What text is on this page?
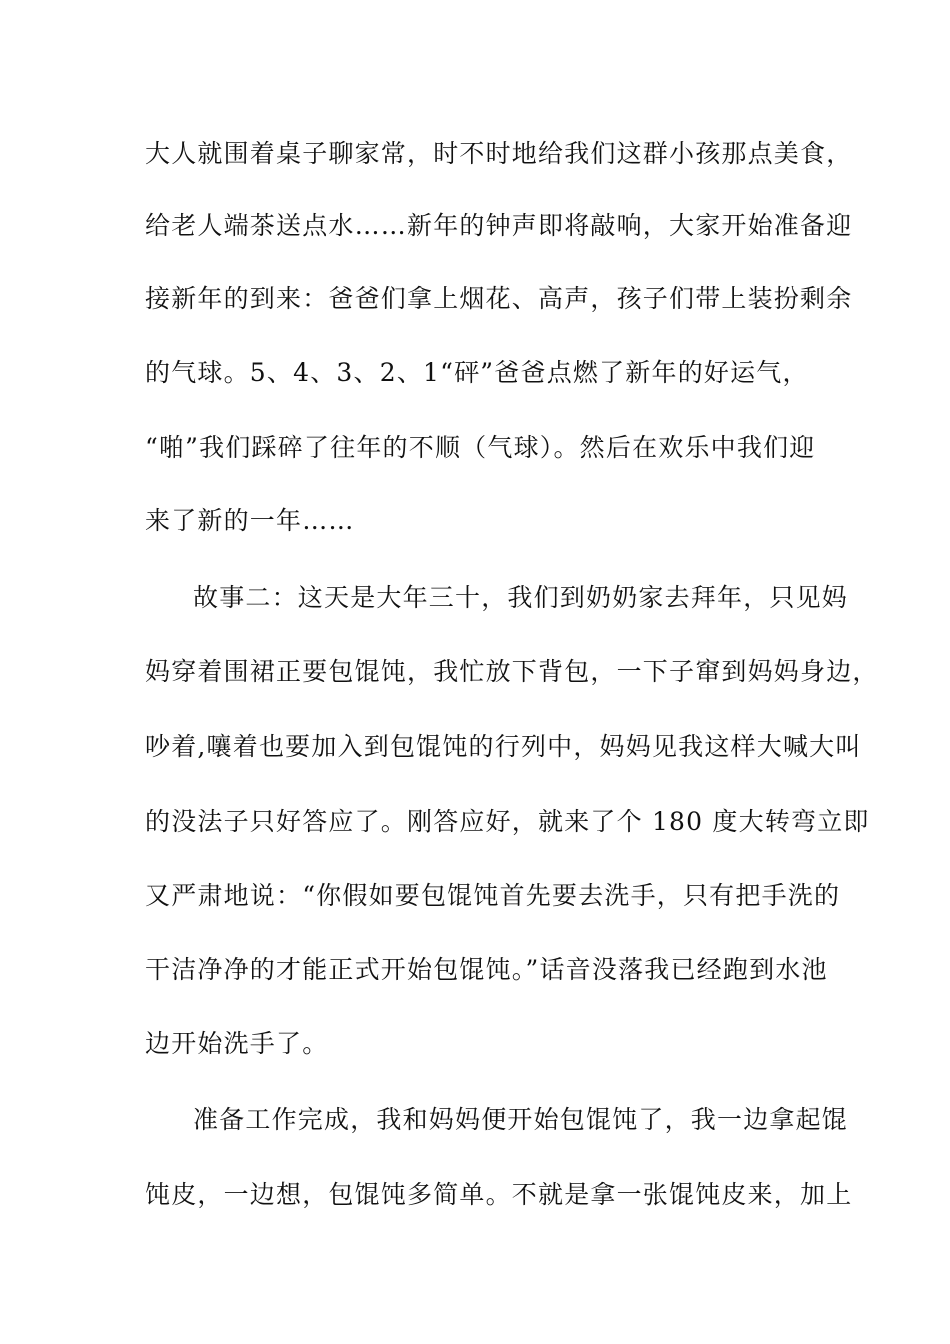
大人就围着桌子聊家常，时不时地给我们这群小孩那点美食，
给老人端茶送点水……新年的钟声即将敲响，大家开始准备迎
接新年的到来：爸爸们拿上烟花、高声，孩子们带上装扮剩余
的气球。5、4、3、2、1“砰”爸爸点燃了新年的好运气，
“啪”我们踩碎了往年的不顺（气球）。然后在欢乐中我们迎
来了新的一年……
故事二：这天是大年三十，我们到奶奶家去拜年，只见妈
妈穿着围裙正要包馄饨，我忙放下背包，一下子窜到妈妈身边，
吵着,嚷着也要加入到包馄饨的行列中，妈妈见我这样大喊大叫
的没法子只好答应了。刚答应好，就来了个 180 度大转弯立即
又严肃地说：“你假如要包馄饨首先要去洗手，只有把手洗的
干洁净净的才能正式开始包馄饨。”话音没落我已经跑到水池
边开始洗手了。
准备工作完成，我和妈妈便开始包馄饨了，我一边拿起馄
饨皮，一边想，包馄饨多简单。不就是拿一张馄饨皮来，加上
